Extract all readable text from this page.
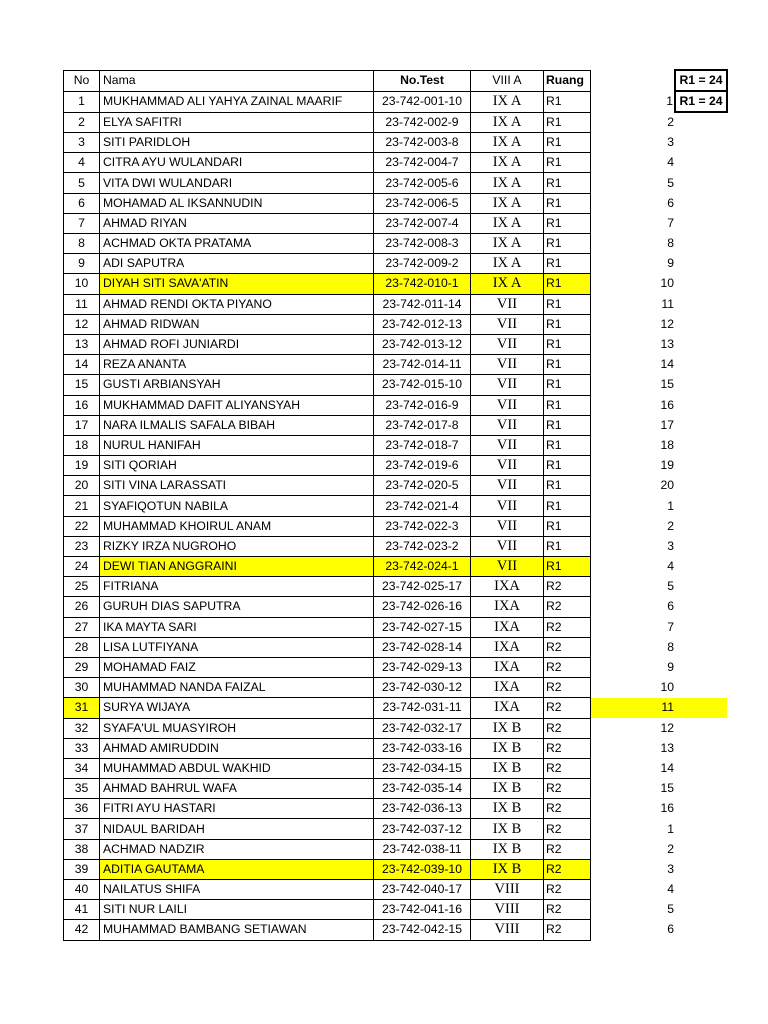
No	Nama	No.Test	VIII A	Ruang			R1 = 24
1	MUKHAMMAD ALI YAHYA ZAINAL MAARIF	23-742-001-10	IX A	R1		1	R1 = 24
2	ELYA SAFITRI	23-742-002-9	IX A	R1		2	
3	SITI PARIDLOH	23-742-003-8	IX A	R1		3	
4	CITRA AYU WULANDARI	23-742-004-7	IX A	R1		4	
5	VITA DWI WULANDARI	23-742-005-6	IX A	R1		5	
6	MOHAMAD AL IKSANNUDIN	23-742-006-5	IX A	R1		6	
7	AHMAD RIYAN	23-742-007-4	IX A	R1		7	
8	ACHMAD OKTA PRATAMA	23-742-008-3	IX A	R1		8	
9	ADI SAPUTRA	23-742-009-2	IX A	R1		9	
10	DIYAH SITI SAVA'ATIN	23-742-010-1	IX A	R1		10	
11	AHMAD RENDI OKTA PIYANO	23-742-011-14	VII	R1		11	
12	AHMAD RIDWAN	23-742-012-13	VII	R1		12	
13	AHMAD ROFI JUNIARDI	23-742-013-12	VII	R1		13	
14	REZA ANANTA	23-742-014-11	VII	R1		14	
15	GUSTI ARBIANSYAH	23-742-015-10	VII	R1		15	
16	MUKHAMMAD DAFIT ALIYANSYAH	23-742-016-9	VII	R1		16	
17	NARA ILMALIS SAFALA BIBAH	23-742-017-8	VII	R1		17	
18	NURUL HANIFAH	23-742-018-7	VII	R1		18	
19	SITI QORIAH	23-742-019-6	VII	R1		19	
20	SITI VINA LARASSATI	23-742-020-5	VII	R1		20	
21	SYAFIQOTUN NABILA	23-742-021-4	VII	R1		1	
22	MUHAMMAD KHOIRUL ANAM	23-742-022-3	VII	R1		2	
23	RIZKY IRZA NUGROHO	23-742-023-2	VII	R1		3	
24	DEWI TIAN ANGGRAINI	23-742-024-1	VII	R1		4	
25	FITRIANA	23-742-025-17	IXA	R2		5	
26	GURUH DIAS SAPUTRA	23-742-026-16	IXA	R2		6	
27	IKA MAYTA SARI	23-742-027-15	IXA	R2		7	
28	LISA LUTFIYANA	23-742-028-14	IXA	R2		8	
29	MOHAMAD FAIZ	23-742-029-13	IXA	R2		9	
30	MUHAMMAD NANDA FAIZAL	23-742-030-12	IXA	R2		10	
31	SURYA WIJAYA	23-742-031-11	IXA	R2		11	
32	SYAFA'UL MUASYIROH	23-742-032-17	IX B	R2		12	
33	AHMAD AMIRUDDIN	23-742-033-16	IX B	R2		13	
34	MUHAMMAD ABDUL WAKHID	23-742-034-15	IX B	R2		14	
35	AHMAD BAHRUL WAFA	23-742-035-14	IX B	R2		15	
36	FITRI AYU HASTARI	23-742-036-13	IX B	R2		16	
37	NIDAUL BARIDAH	23-742-037-12	IX B	R2		1	
38	ACHMAD NADZIR	23-742-038-11	IX B	R2		2	
39	ADITIA GAUTAMA	23-742-039-10	IX B	R2		3	
40	NAILATUS SHIFA	23-742-040-17	VIII	R2		4	
41	SITI NUR LAILI	23-742-041-16	VIII	R2		5	
42	MUHAMMAD BAMBANG SETIAWAN	23-742-042-15	VIII	R2		6	
